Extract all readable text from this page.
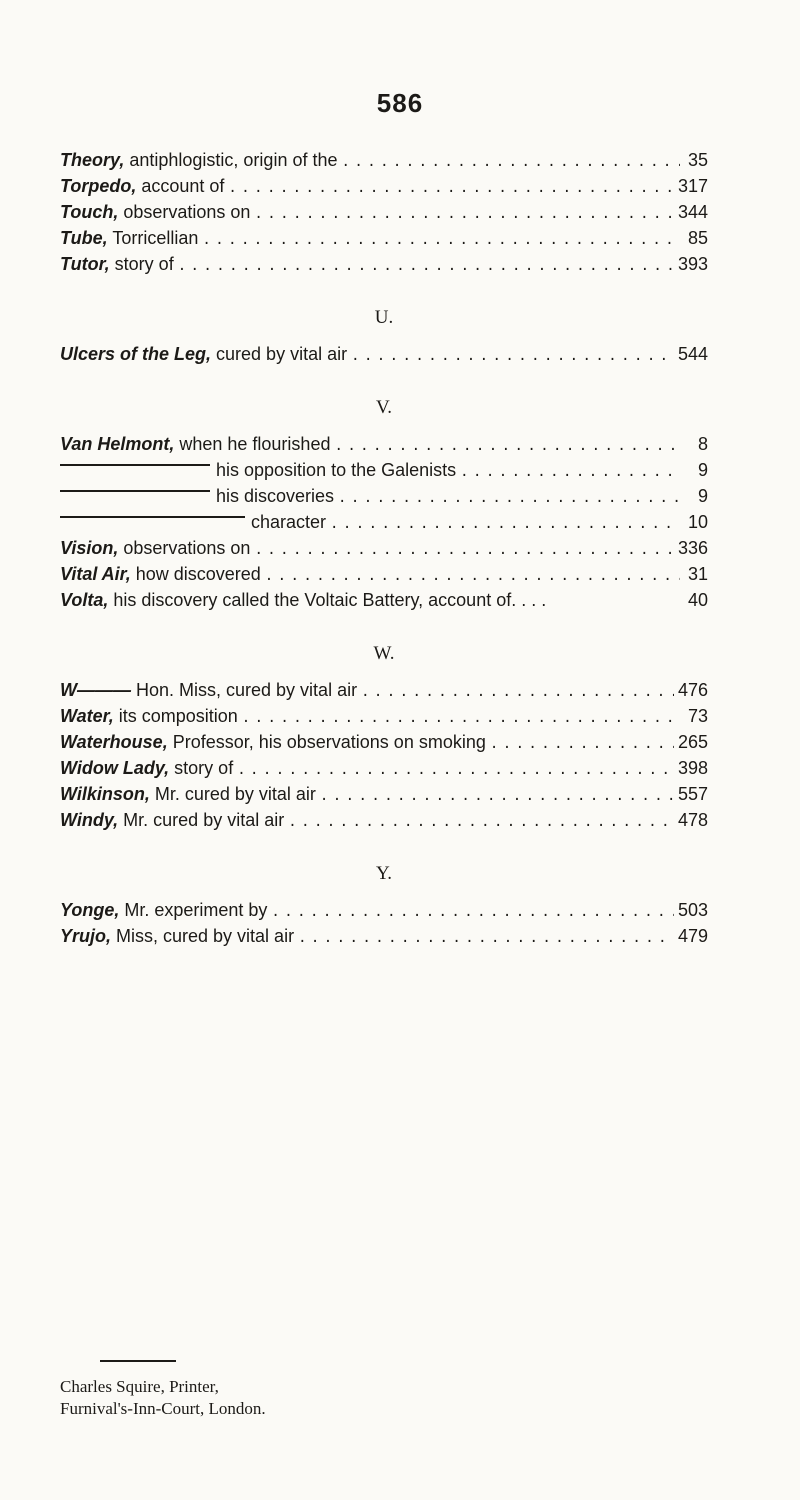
586
Theory, antiphlogistic, origin of the . . .	35
Torpedo, account of . . .	317
Touch, observations on . . .	344
Tube, Torricellian . . .	85
Tutor, story of . . .	393
U.
Ulcers of the Leg, cured by vital air . . .	544
V.
Van Helmont, when he flourished . . .	8
his opposition to the Galenists . . .	9
his discoveries . . .	9
character . . .	10
Vision, observations on . . .	336
Vital Air, how discovered . . .	31
Volta, his discovery called the Voltaic Battery, account of. . . .	40
W.
W——— Hon. Miss, cured by vital air . . .	476
Water, its composition . . .	73
Waterhouse, Professor, his observations on smoking . . .	265
Widow Lady, story of . . .	398
Wilkinson, Mr. cured by vital air . . .	557
Windy, Mr. cured by vital air . . .	478
Y.
Yonge, Mr. experiment by . . .	503
Yrujo, Miss, cured by vital air . . .	479
Charles Squire, Printer,
Furnival's-Inn-Court, London.
